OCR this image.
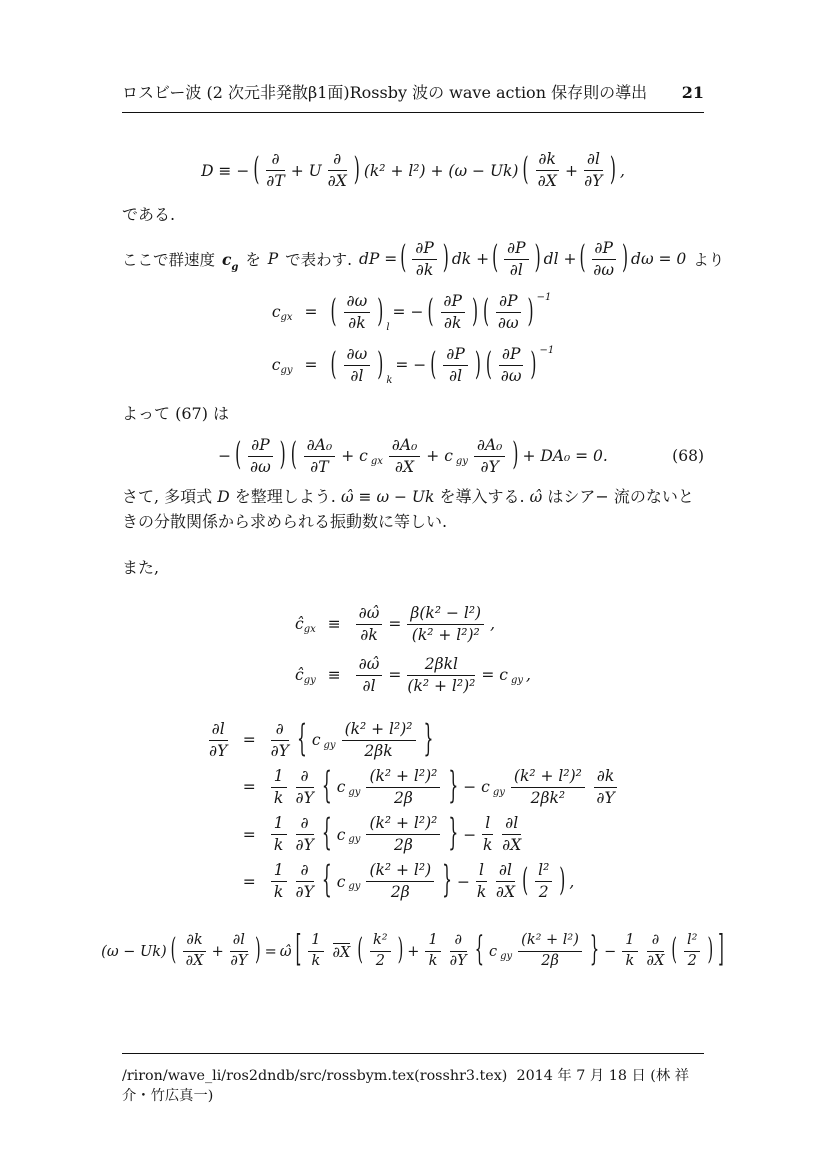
ロスビー波 (2 次元非発散β1面)Rossby 波の wave action 保存則の導出 21
D ≡ − ( ∂
∂T
+ U
∂
∂X ) (k² + l²) + (ω − Uk) ( $\frac{\partial k}{\partial X} + \frac{\partial l}{\partial Y}$ ) ,

である.

ここで群速度 $c_g$ を P で表わす. dP = ( $\frac{\partial P}{\partial k}$ ) dk + ( $\frac{\partial P}{\partial l}$ ) dl + ( $\frac{\partial P}{\partial\omega}$ ) dω = 0 より
c gx = ( $\frac{\partial\omega}{\partial k}$ ) l
= − ( $\frac{\partial P}{\partial k}$ ) ( $\frac{\partial P}{\partial\omega}$ ) −1
c gy = ( $\frac{\partial\omega}{\partial l}$ ) k
= − ( $\frac{\partial P}{\partial l}$ ) ( $\frac{\partial P}{\partial\omega}$ ) −1

よって (67) は

− ( $\frac{\partial P}{\partial\omega}$ ) ( $\frac{\text{∂A₀}}{\partial T} + c$ gx $\frac{\text{∂A₀}}{\partial X} + c$ gy $\frac{\text{∂A₀}}{\partial Y}$ ) + DA₀ = 0.	(68)

さて, 多項式 D を整理しよう. ω̂ ≡ ω − Uk を導入する. ω̂ はシア− 流のないときの分散関係から求められる振動数に等しい.

また,

ĉ gx ≡ $\frac{\partial\omegâ}{\partial k} = \frac{\text{β(k² − l²)}}{\text{(k² + l²)²}}$ ,
ĉ gy ≡ $\frac{\partial\omegâ}{\partial l}$ =
2βkl
(k² + l²)²
= c gy ,
$\frac{\partial l}{\partial Y}$ =
∂
∂Y { c gy $\frac{\text{(k² + l²)²}}{2\beta k}$ }
= $\frac{1}{k}$ ∂
∂Y { c gy $\frac{\text{(k² + l²)²}}{2\beta}$ } − c gy $\frac{\text{(k² + l²)²}}{\text{2βk²}} \frac{\partial k}{\partial Y}$
= $\frac{1}{k}$ ∂
∂Y { c gy $\frac{\text{(k² + l²)²}}{2\beta}$ } − $\frac{l}{k} \frac{\partial l}{\partial X}$
= $\frac{1}{k}$ ∂
∂Y { c gy $\frac{\text{(k² + l²)}}{2\beta}$ } − $\frac{l}{k} \frac{\partial l}{\partial X}$ ( $\frac{\text{l²}}{2}$ ) ,
(ω − Uk) ( $\frac{\partial k}{\partial X} + \frac{\partial l}{\partial Y}$ ) = ω̂ [ $\frac{1}{k} \partial X$ ( $\frac{\text{k²}}{2}$ ) + $\frac{1}{k}$ ∂
∂Y { c gy $\frac{\text{(k² + l²)}}{2\beta}$ } − $\frac{1}{k}$ ∂
∂X ( $\frac{\text{l²}}{2}$ ) ]
/riron/wave_li/ros2dndb/src/rossbym.tex(rosshr3.tex)  2014 年 7 月 18 日 (林 祥介・竹広真一)
